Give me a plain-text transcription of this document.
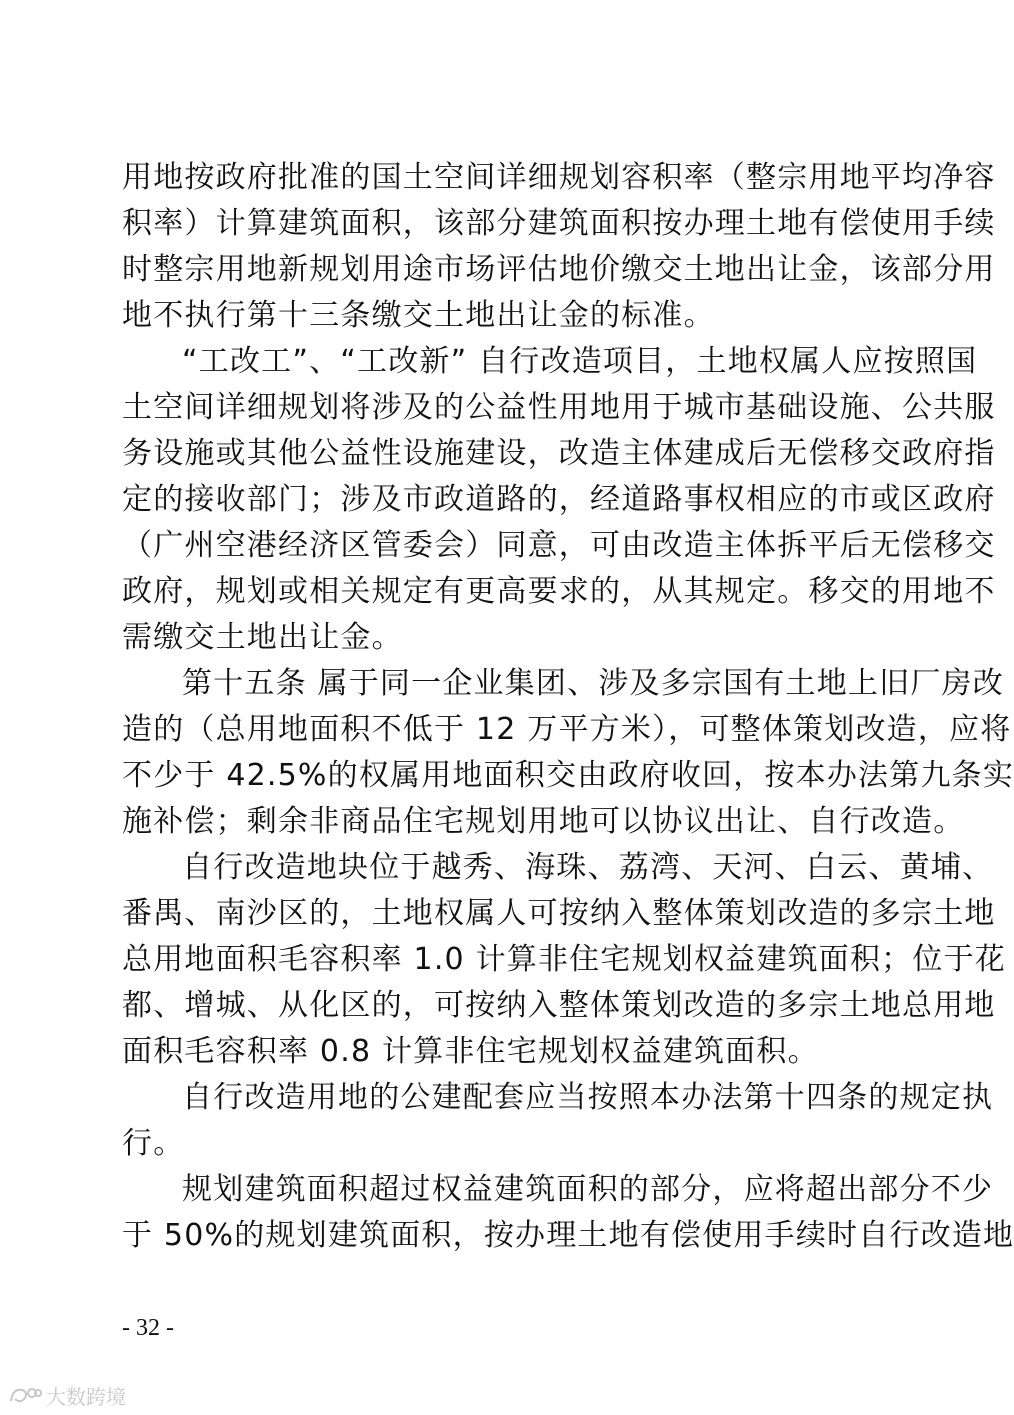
用地按政府批准的国土空间详细规划容积率（整宗用地平均净容
积率）计算建筑面积，该部分建筑面积按办理土地有偿使用手续
时整宗用地新规划用途市场评估地价缴交土地出让金，该部分用
地不执行第十三条缴交土地出让金的标准。
“工改工”、“工改新” 自行改造项目，土地权属人应按照国
土空间详细规划将涉及的公益性用地用于城市基础设施、公共服
务设施或其他公益性设施建设，改造主体建成后无偿移交政府指
定的接收部门；涉及市政道路的，经道路事权相应的市或区政府
（广州空港经济区管委会）同意，可由改造主体拆平后无偿移交
政府，规划或相关规定有更高要求的，从其规定。移交的用地不
需缴交土地出让金。
第十五条 属于同一企业集团、涉及多宗国有土地上旧厂房改
造的（总用地面积不低于 12 万平方米），可整体策划改造，应将
不少于 42.5%的权属用地面积交由政府收回，按本办法第九条实
施补偿；剩余非商品住宅规划用地可以协议出让、自行改造。
自行改造地块位于越秀、海珠、荔湾、天河、白云、黄埔、
番禺、南沙区的，土地权属人可按纳入整体策划改造的多宗土地
总用地面积毛容积率 1.0 计算非住宅规划权益建筑面积；位于花
都、增城、从化区的，可按纳入整体策划改造的多宗土地总用地
面积毛容积率 0.8 计算非住宅规划权益建筑面积。
自行改造用地的公建配套应当按照本办法第十四条的规定执
行。
规划建筑面积超过权益建筑面积的部分，应将超出部分不少
于 50%的规划建筑面积，按办理土地有偿使用手续时自行改造地
- 32 -
大数跨境
